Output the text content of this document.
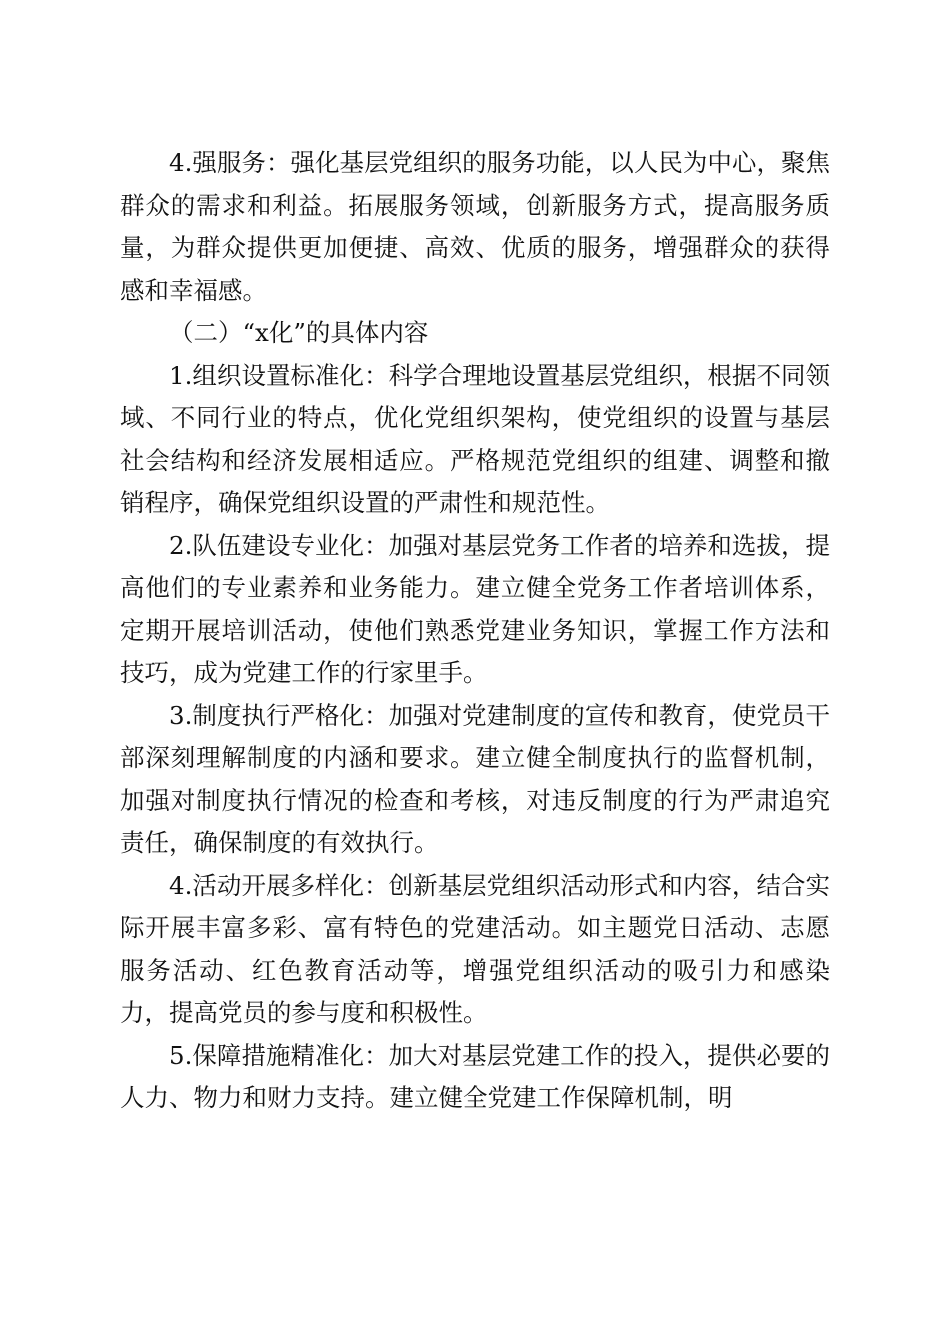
4.强服务：强化基层党组织的服务功能，以人民为中心，聚焦群众的需求和利益。拓展服务领域，创新服务方式，提高服务质量，为群众提供更加便捷、高效、优质的服务，增强群众的获得感和幸福感。

（二）“x化”的具体内容

1.组织设置标准化：科学合理地设置基层党组织，根据不同领域、不同行业的特点，优化党组织架构，使党组织的设置与基层社会结构和经济发展相适应。严格规范党组织的组建、调整和撤销程序，确保党组织设置的严肃性和规范性。

2.队伍建设专业化：加强对基层党务工作者的培养和选拔，提高他们的专业素养和业务能力。建立健全党务工作者培训体系，定期开展培训活动，使他们熟悉党建业务知识，掌握工作方法和技巧，成为党建工作的行家里手。

3.制度执行严格化：加强对党建制度的宣传和教育，使党员干部深刻理解制度的内涵和要求。建立健全制度执行的监督机制，加强对制度执行情况的检查和考核，对违反制度的行为严肃追究责任，确保制度的有效执行。

4.活动开展多样化：创新基层党组织活动形式和内容，结合实际开展丰富多彩、富有特色的党建活动。如主题党日活动、志愿服务活动、红色教育活动等，增强党组织活动的吸引力和感染力，提高党员的参与度和积极性。

5.保障措施精准化：加大对基层党建工作的投入，提供必要的人力、物力和财力支持。建立健全党建工作保障机制，明
